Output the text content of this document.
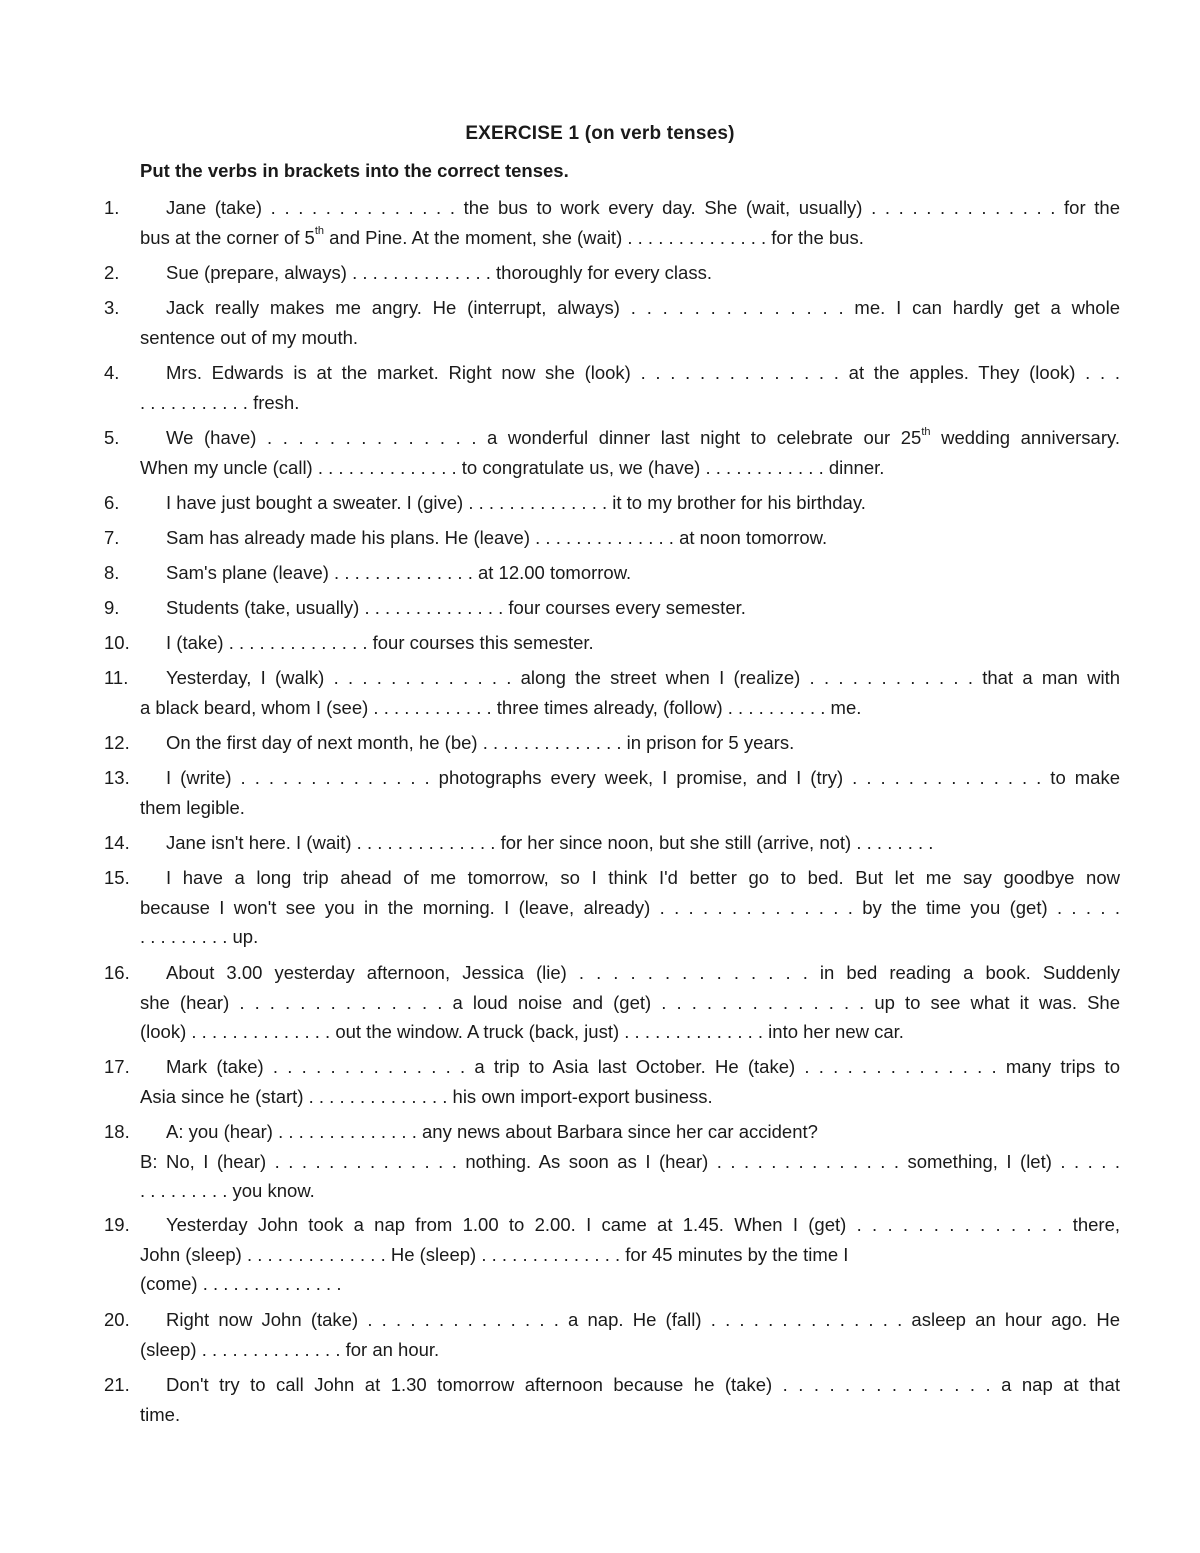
EXERCISE 1 (on verb tenses)
Put the verbs in brackets into the correct tenses.
1.	Jane (take) . . . . . . . . . . . . . . the bus to work every day. She (wait, usually) . . . . . . . . . . . . . . for the
bus at the corner of 5th and Pine. At the moment, she (wait) . . . . . . . . . . . . . . for the bus.
2.	Sue (prepare, always) . . . . . . . . . . . . . . thoroughly for every class.
3.	Jack really makes me angry. He (interrupt, always) . . . . . . . . . . . . . . me. I can hardly get a whole
sentence out of my mouth.
4.	Mrs. Edwards is at the market. Right now she (look) . . . . . . . . . . . . . . at the apples. They (look) . . .
. . . . . . . . . . . fresh.
5.	We (have) . . . . . . . . . . . . . . a wonderful dinner last night to celebrate our 25th wedding anniversary.
When my uncle (call) . . . . . . . . . . . . . . to congratulate us, we (have) . . . . . . . . . . . . dinner.
6.	I have just bought a sweater. I (give) . . . . . . . . . . . . . . it to my brother for his birthday.
7.	Sam has already made his plans. He (leave) . . . . . . . . . . . . . . at noon tomorrow.
8.	Sam's plane (leave) . . . . . . . . . . . . . . at 12.00 tomorrow.
9.	Students (take, usually) . . . . . . . . . . . . . . four courses every semester.
10.	I (take) . . . . . . . . . . . . . . four courses this semester.
11.	Yesterday, I (walk) . . . . . . . . . . . . . along the street when I (realize) . . . . . . . . . . . . that a man with
a black beard, whom I (see) . . . . . . . . . . . . three times already, (follow) . . . . . . . . . . me.
12.	On the first day of next month, he (be) . . . . . . . . . . . . . . in prison for 5 years.
13.	I (write) . . . . . . . . . . . . . . photographs every week, I promise, and I (try) . . . . . . . . . . . . . . to make
them legible.
14.	Jane isn't here. I (wait) . . . . . . . . . . . . . . for her since noon, but she still (arrive, not) . . . . . . . .
15.	I have a long trip ahead of me tomorrow, so I think I'd better go to bed. But let me say goodbye now
because I won't see you in the morning. I (leave, already) . . . . . . . . . . . . . . by the time you (get) . . . . .
. . . . . . . . . up.
16.	About 3.00 yesterday afternoon, Jessica (lie) . . . . . . . . . . . . . . in bed reading a book. Suddenly
she (hear) . . . . . . . . . . . . . . a loud noise and (get) . . . . . . . . . . . . . . up to see what it was. She
(look) . . . . . . . . . . . . . . out the window. A truck (back, just) . . . . . . . . . . . . . . into her new car.
17.	Mark (take) . . . . . . . . . . . . . . a trip to Asia last October. He (take) . . . . . . . . . . . . . . many trips to
Asia since he (start) . . . . . . . . . . . . . . his own import-export business.
18.	A: you (hear) . . . . . . . . . . . . . . any news about Barbara since her car accident?
B: No, I (hear) . . . . . . . . . . . . . . nothing. As soon as I (hear) . . . . . . . . . . . . . . something, I (let) . . . . .
. . . . . . . . . you know.
19.	Yesterday John took a nap from 1.00 to 2.00. I came at 1.45. When I (get) . . . . . . . . . . . . . . there,
John (sleep) . . . . . . . . . . . . . . He (sleep) . . . . . . . . . . . . . . for 45 minutes by the time I
(come) . . . . . . . . . . . . . .
20.	Right now John (take) . . . . . . . . . . . . . . a nap. He (fall) . . . . . . . . . . . . . . asleep an hour ago. He
(sleep) . . . . . . . . . . . . . . for an hour.
21.	Don't try to call John at 1.30 tomorrow afternoon because he (take) . . . . . . . . . . . . . . a nap at that
time.
